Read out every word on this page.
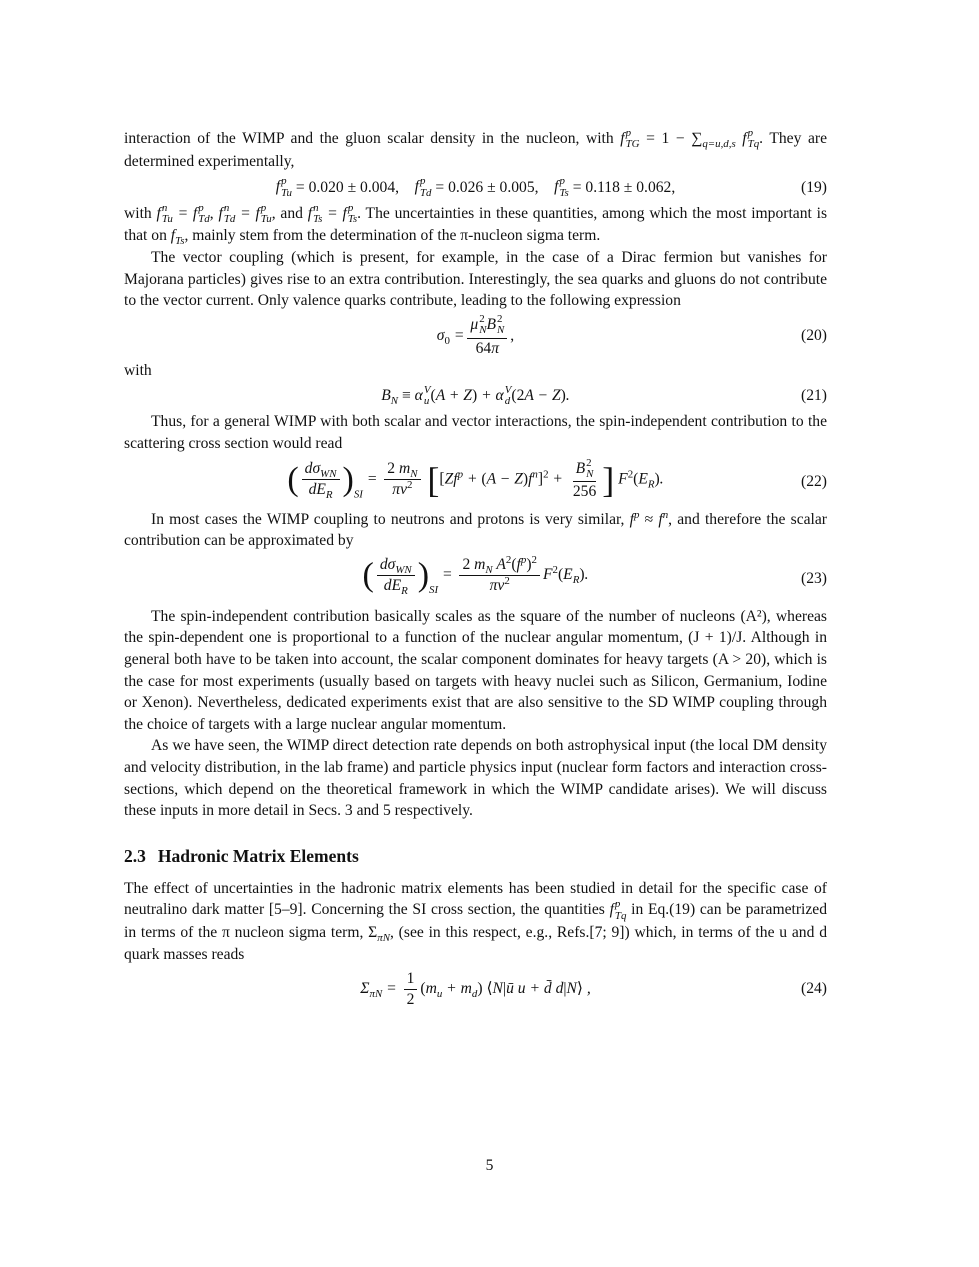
interaction of the WIMP and the gluon scalar density in the nucleon, with f p
TG = $1 - \sum_{q=u,d,s}$ f p
Tq . They are determined experimentally,

f p
Tu
= 0.020 ± 0.004,
f p
Td
= 0.026 ± 0.005,
f p
Ts
= 0.118 ± 0.062,	(19)

with f n
Tu = f p
Td , f n
Td = f p
Tu , and f n
Ts = f p
Ts . The uncertainties in these quantities, among which the most important is that on $f_{Ts}$, mainly stem from the determination of the π-nucleon sigma term.

The vector coupling (which is present, for example, in the case of a Dirac fermion but vanishes for Majorana particles) gives rise to an extra contribution. Interestingly, the sea quarks and gluons do not contribute to the vector current. Only valence quarks contribute, leading to the following expression

$\sigma_0 = \mu$ 2
N B 2
N
64π ,	(20)

with

$B_N \equiv \alpha$ V
u (A + Z) + α V
d (2A − Z).	(21)

Thus, for a general WIMP with both scalar and vector interactions, the spin-independent contribution to the scattering cross section would read

( $\frac{d\sigma_{WN}}{dE_R} )_{SI} = \frac{2 m_N}{\pi v^2} [[Zf^p + (A - Z)f^n]^2 + B$ 2
N
256 ] $F^2(E_R)$.	(22)

In most cases the WIMP coupling to neutrons and protons is very similar, $f^p \approx f^n$, and therefore the scalar contribution can be approximated by

( $\frac{d\sigma_{WN}}{dE_R} )_{SI} = \frac{2 m_N A^2(f^p)^2}{\pi v^2} F^2(E_R)$.	(23)

The spin-independent contribution basically scales as the square of the number of nucleons (A²), whereas the spin-dependent one is proportional to a function of the nuclear angular momentum, (J + 1)/J. Although in general both have to be taken into account, the scalar component dominates for heavy targets (A > 20), which is the case for most experiments (usually based on targets with heavy nuclei such as Silicon, Germanium, Iodine or Xenon). Nevertheless, dedicated experiments exist that are also sensitive to the SD WIMP coupling through the choice of targets with a large nuclear angular momentum.

As we have seen, the WIMP direct detection rate depends on both astrophysical input (the local DM density and velocity distribution, in the lab frame) and particle physics input (nuclear form factors and interaction cross-sections, which depend on the theoretical framework in which the WIMP candidate arises). We will discuss these inputs in more detail in Secs. 3 and 5 respectively.

2.3 Hadronic Matrix Elements

The effect of uncertainties in the hadronic matrix elements has been studied in detail for the specific case of neutralino dark matter [5–9]. Concerning the SI cross section, the quantities f p
Tq in Eq.(19) can be parametrized in terms of the π nucleon sigma term, $\Sigma_{\pi N}$, (see in this respect, e.g., Refs.[7; 9]) which, in terms of the u and d quark masses reads

$\Sigma_{\pi N} = \frac{1}{2} (m_u + m_d)$ ⟨N|ū u + d̄ d|N⟩ ,	(24)
5
